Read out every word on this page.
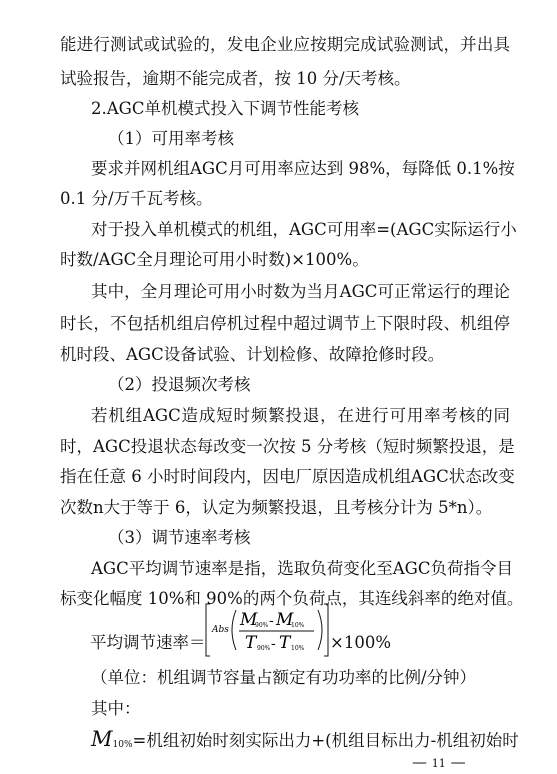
能进行测试或试验的，发电企业应按期完成试验测试，并出具
试验报告，逾期不能完成者，按 10 分/天考核。
2.AGC单机模式投入下调节性能考核
（1）可用率考核
要求并网机组AGC月可用率应达到 98%，每降低 0.1%按
0.1 分/万千瓦考核。
对于投入单机模式的机组，AGC可用率=(AGC实际运行小
时数/AGC全月理论可用小时数)×100%。
其中，全月理论可用小时数为当月AGC可正常运行的理论
时长，不包括机组启停机过程中超过调节上下限时段、机组停
机时段、AGC设备试验、计划检修、故障抢修时段。
（2）投退频次考核
若机组AGC造成短时频繁投退，在进行可用率考核的同
时，AGC投退状态每改变一次按 5 分考核（短时频繁投退，是
指在任意 6 小时时间段内，因电厂原因造成机组AGC状态改变
次数n大于等于 6，认定为频繁投退，且考核分计为 5*n）。
（3）调节速率考核
AGC平均调节速率是指，选取负荷变化至AGC负荷指令目
标变化幅度 10%和 90%的两个负荷点，其连线斜率的绝对值。
平均调节速率＝
Abs M
90% - M
10%
T 90% - T 10% ×100%
（单位：机组调节容量占额定有功功率的比例/分钟）
其中：
M10%=机组初始时刻实际出力+(机组目标出力-机组初始时
— 11 —
